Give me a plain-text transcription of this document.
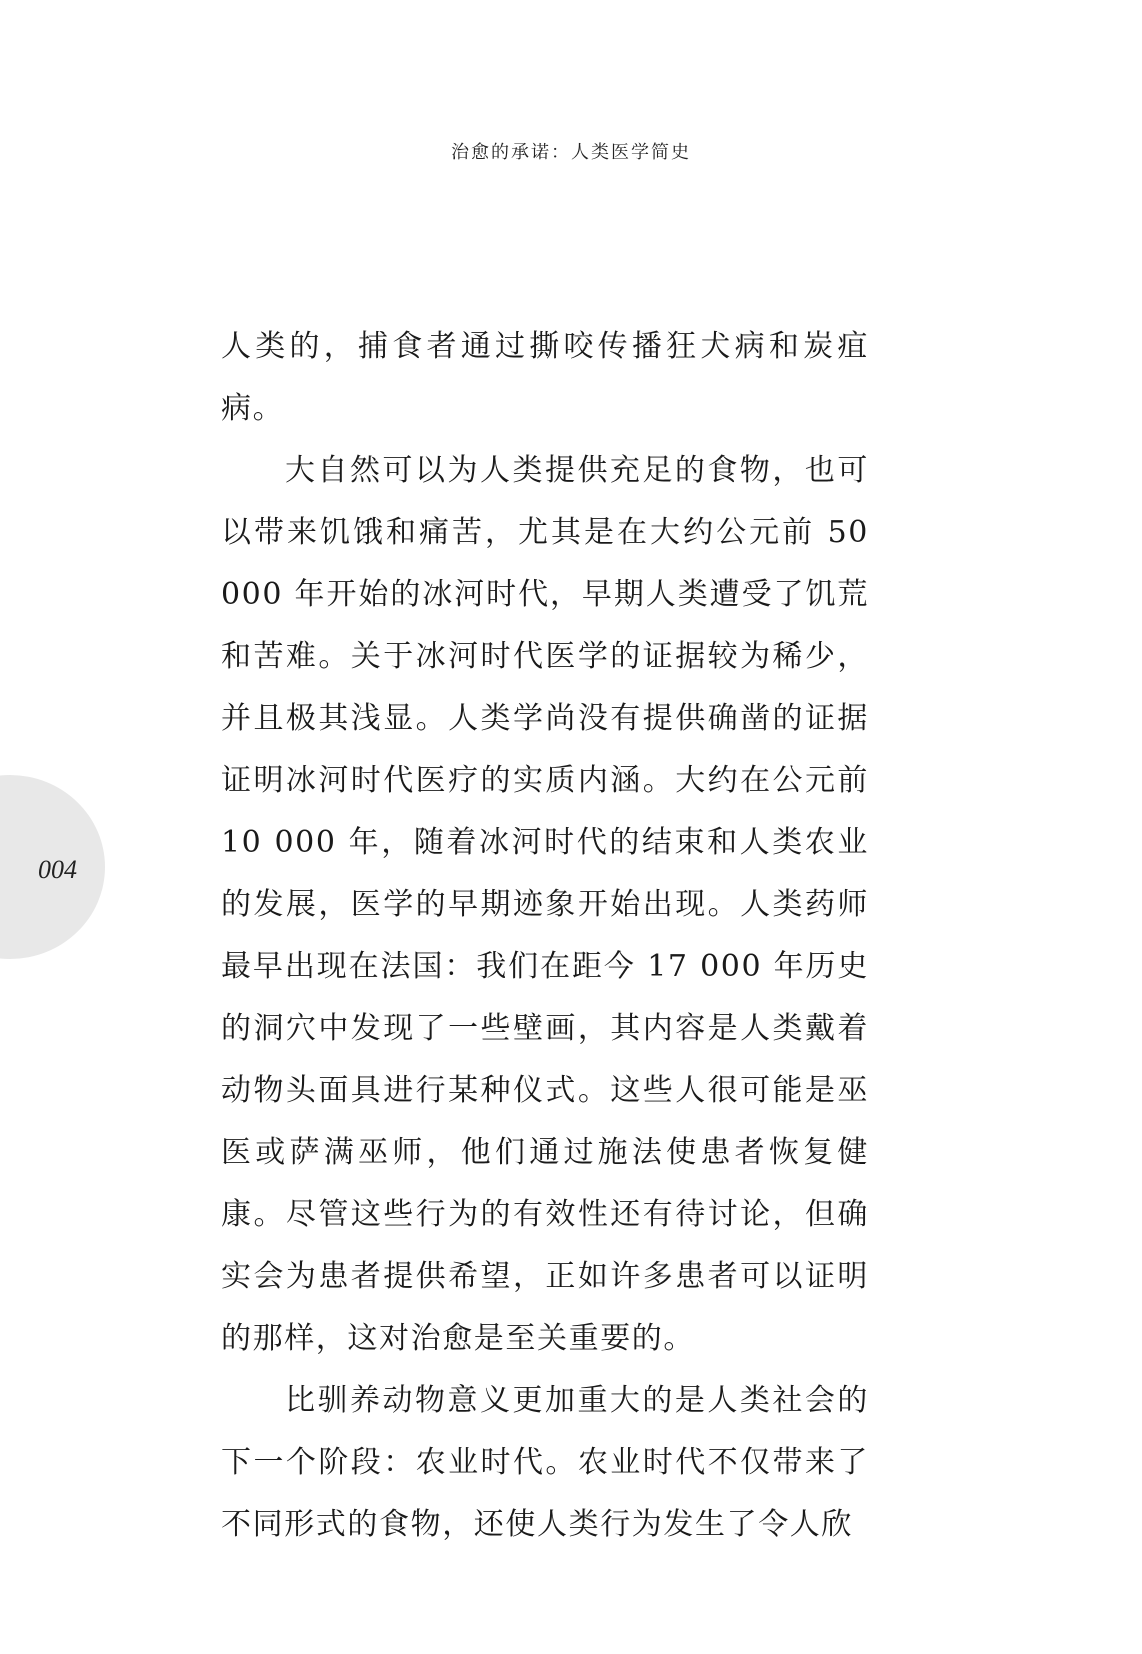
治愈的承诺：人类医学简史
004

人类的，捕食者通过撕咬传播狂犬病和炭疽病。

大自然可以为人类提供充足的食物，也可以带来饥饿和痛苦，尤其是在大约公元前 50 000 年开始的冰河时代，早期人类遭受了饥荒和苦难。关于冰河时代医学的证据较为稀少，并且极其浅显。人类学尚没有提供确凿的证据证明冰河时代医疗的实质内涵。大约在公元前 10 000 年，随着冰河时代的结束和人类农业的发展，医学的早期迹象开始出现。人类药师最早出现在法国：我们在距今 17 000 年历史的洞穴中发现了一些壁画，其内容是人类戴着动物头面具进行某种仪式。这些人很可能是巫医或萨满巫师，他们通过施法使患者恢复健康。尽管这些行为的有效性还有待讨论，但确实会为患者提供希望，正如许多患者可以证明的那样，这对治愈是至关重要的。

比驯养动物意义更加重大的是人类社会的下一个阶段：农业时代。农业时代不仅带来了不同形式的食物，还使人类行为发生了令人欣
